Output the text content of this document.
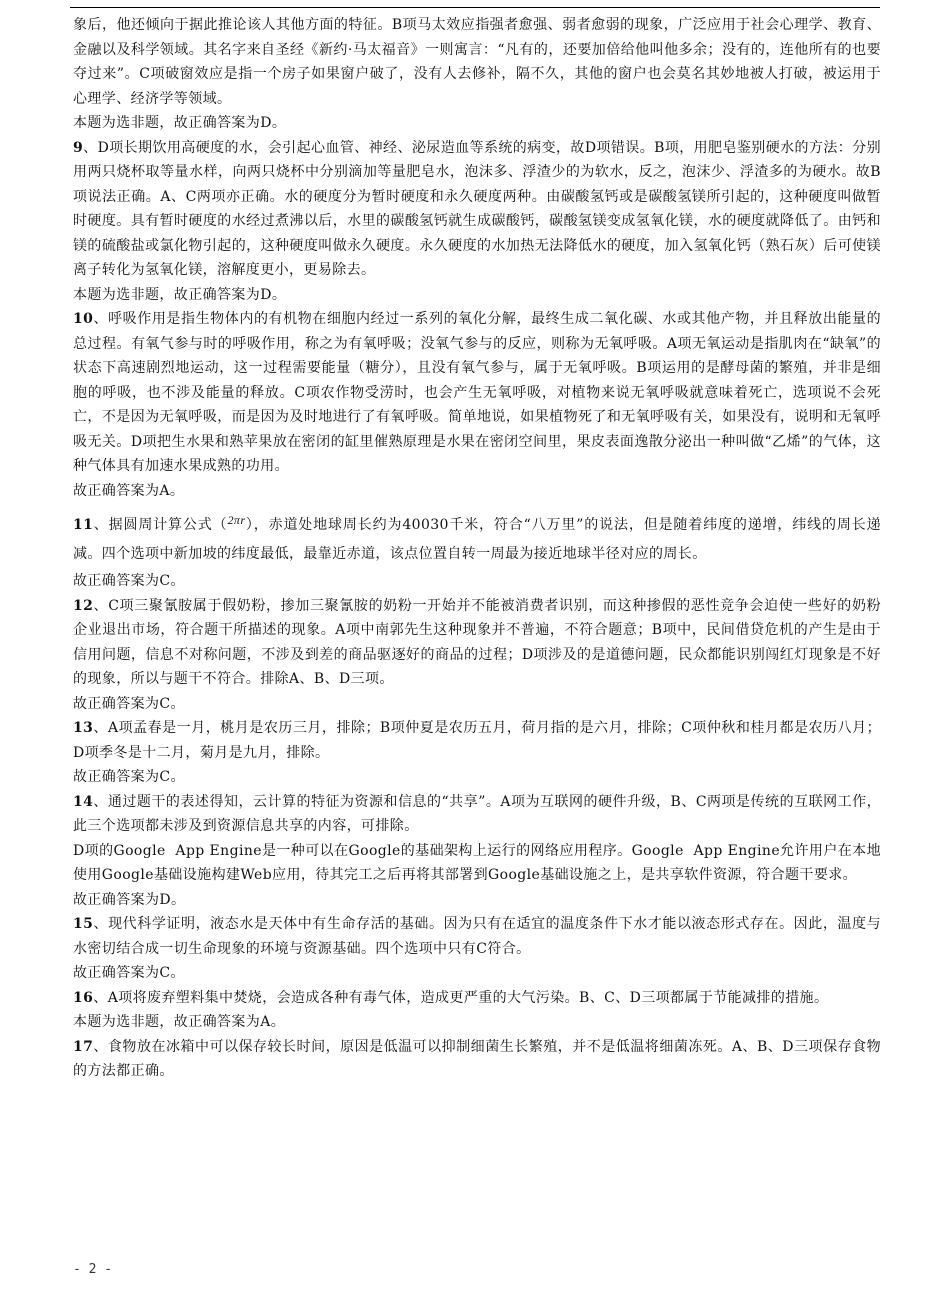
象后，他还倾向于据此推论该人其他方面的特征。B项马太效应指强者愈强、弱者愈弱的现象，广泛应用于社会心理学、教育、金融以及科学领域。其名字来自圣经《新约·马太福音》一则寓言：“凡有的，还要加倍给他叫他多余；没有的，连他所有的也要夺过来”。C项破窗效应是指一个房子如果窗户破了，没有人去修补，隔不久，其他的窗户也会莫名其妙地被人打破，被运用于心理学、经济学等领域。

本题为选非题，故正确答案为D。

9、D项长期饮用高硬度的水，会引起心血管、神经、泌尿造血等系统的病变，故D项错误。B项，用肥皂鉴别硬水的方法：分别用两只烧杯取等量水样，向两只烧杯中分别滴加等量肥皂水，泡沫多、浮渣少的为软水，反之，泡沫少、浮渣多的为硬水。故B项说法正确。A、C两项亦正确。水的硬度分为暂时硬度和永久硬度两种。由碳酸氢钙或是碳酸氢镁所引起的，这种硬度叫做暂时硬度。具有暂时硬度的水经过煮沸以后，水里的碳酸氢钙就生成碳酸钙，碳酸氢镁变成氢氧化镁，水的硬度就降低了。由钙和镁的硫酸盐或氯化物引起的，这种硬度叫做永久硬度。永久硬度的水加热无法降低水的硬度，加入氢氧化钙（熟石灰）后可使镁离子转化为氢氧化镁，溶解度更小，更易除去。

本题为选非题，故正确答案为D。

10、呼吸作用是指生物体内的有机物在细胞内经过一系列的氧化分解，最终生成二氧化碳、水或其他产物，并且释放出能量的总过程。有氧气参与时的呼吸作用，称之为有氧呼吸；没氧气参与的反应，则称为无氧呼吸。A项无氧运动是指肌肉在“缺氧”的状态下高速剧烈地运动，这一过程需要能量（糖分），且没有氧气参与，属于无氧呼吸。B项运用的是酵母菌的繁殖，并非是细胞的呼吸，也不涉及能量的释放。C项农作物受涝时，也会产生无氧呼吸，对植物来说无氧呼吸就意味着死亡，选项说不会死亡，不是因为无氧呼吸，而是因为及时地进行了有氧呼吸。简单地说，如果植物死了和无氧呼吸有关，如果没有，说明和无氧呼吸无关。D项把生水果和熟苹果放在密闭的缸里催熟原理是水果在密闭空间里，果皮表面逸散分泌出一种叫做“乙烯”的气体，这种气体具有加速水果成熟的功用。

故正确答案为A。

11、据圆周计算公式（2πr），赤道处地球周长约为40030千米，符合“八万里”的说法，但是随着纬度的递增，纬线的周长递减。四个选项中新加坡的纬度最低，最靠近赤道，该点位置自转一周最为接近地球半径对应的周长。

故正确答案为C。

12、C项三聚氰胺属于假奶粉，掺加三聚氰胺的奶粉一开始并不能被消费者识别，而这种掺假的恶性竞争会迫使一些好的奶粉企业退出市场，符合题干所描述的现象。A项中南郭先生这种现象并不普遍，不符合题意；B项中，民间借贷危机的产生是由于信用问题，信息不对称问题，不涉及到差的商品驱逐好的商品的过程；D项涉及的是道德问题，民众都能识别闯红灯现象是不好的现象，所以与题干不符合。排除A、B、D三项。

故正确答案为C。

13、A项孟春是一月，桃月是农历三月，排除；B项仲夏是农历五月，荷月指的是六月，排除；C项仲秋和桂月都是农历八月；D项季冬是十二月，菊月是九月，排除。

故正确答案为C。

14、通过题干的表述得知，云计算的特征为资源和信息的“共享”。A项为互联网的硬件升级，B、C两项是传统的互联网工作，此三个选项都未涉及到资源信息共享的内容，可排除。

D项的Google  App Engine是一种可以在Google的基础架构上运行的网络应用程序。Google  App Engine允许用户在本地使用Google基础设施构建Web应用，待其完工之后再将其部署到Google基础设施之上，是共享软件资源，符合题干要求。

故正确答案为D。

15、现代科学证明，液态水是天体中有生命存活的基础。因为只有在适宜的温度条件下水才能以液态形式存在。因此，温度与水密切结合成一切生命现象的环境与资源基础。四个选项中只有C符合。

故正确答案为C。

16、A项将废弃塑料集中焚烧，会造成各种有毒气体，造成更严重的大气污染。B、C、D三项都属于节能减排的措施。

本题为选非题，故正确答案为A。

17、食物放在冰箱中可以保存较长时间，原因是低温可以抑制细菌生长繁殖，并不是低温将细菌冻死。A、B、D三项保存食物的方法都正确。

- 2 -
